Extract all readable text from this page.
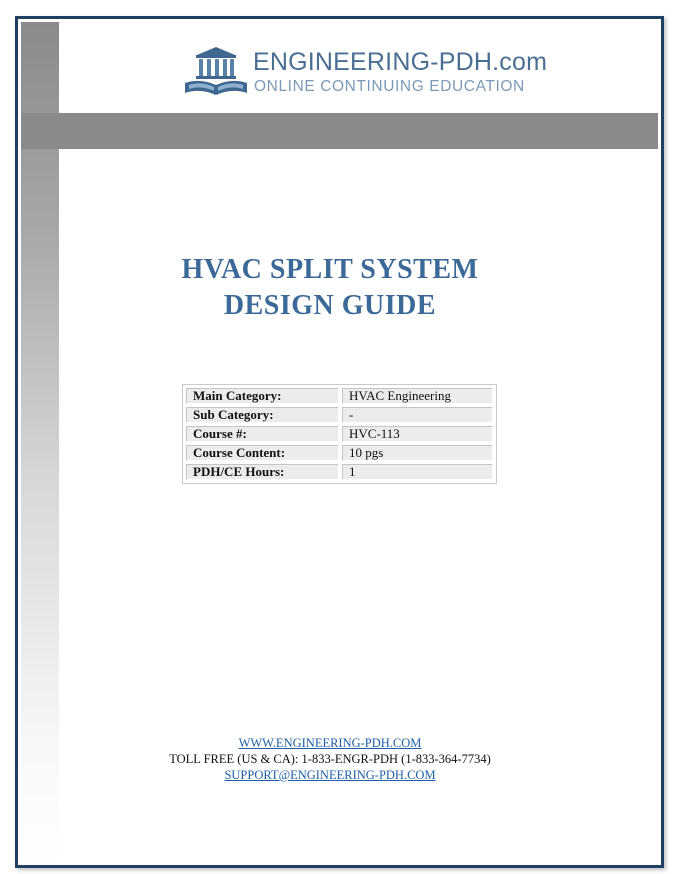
ENGINEERING-PDH.com
ONLINE CONTINUING EDUCATION
HVAC SPLIT SYSTEM
DESIGN GUIDE
Main Category:	HVAC Engineering
Sub Category:	-
Course #:	HVC-113
Course Content:	10 pgs
PDH/CE Hours:	1
WWW.ENGINEERING-PDH.COM
TOLL FREE (US & CA): 1-833-ENGR-PDH (1-833-364-7734)
SUPPORT@ENGINEERING-PDH.COM
